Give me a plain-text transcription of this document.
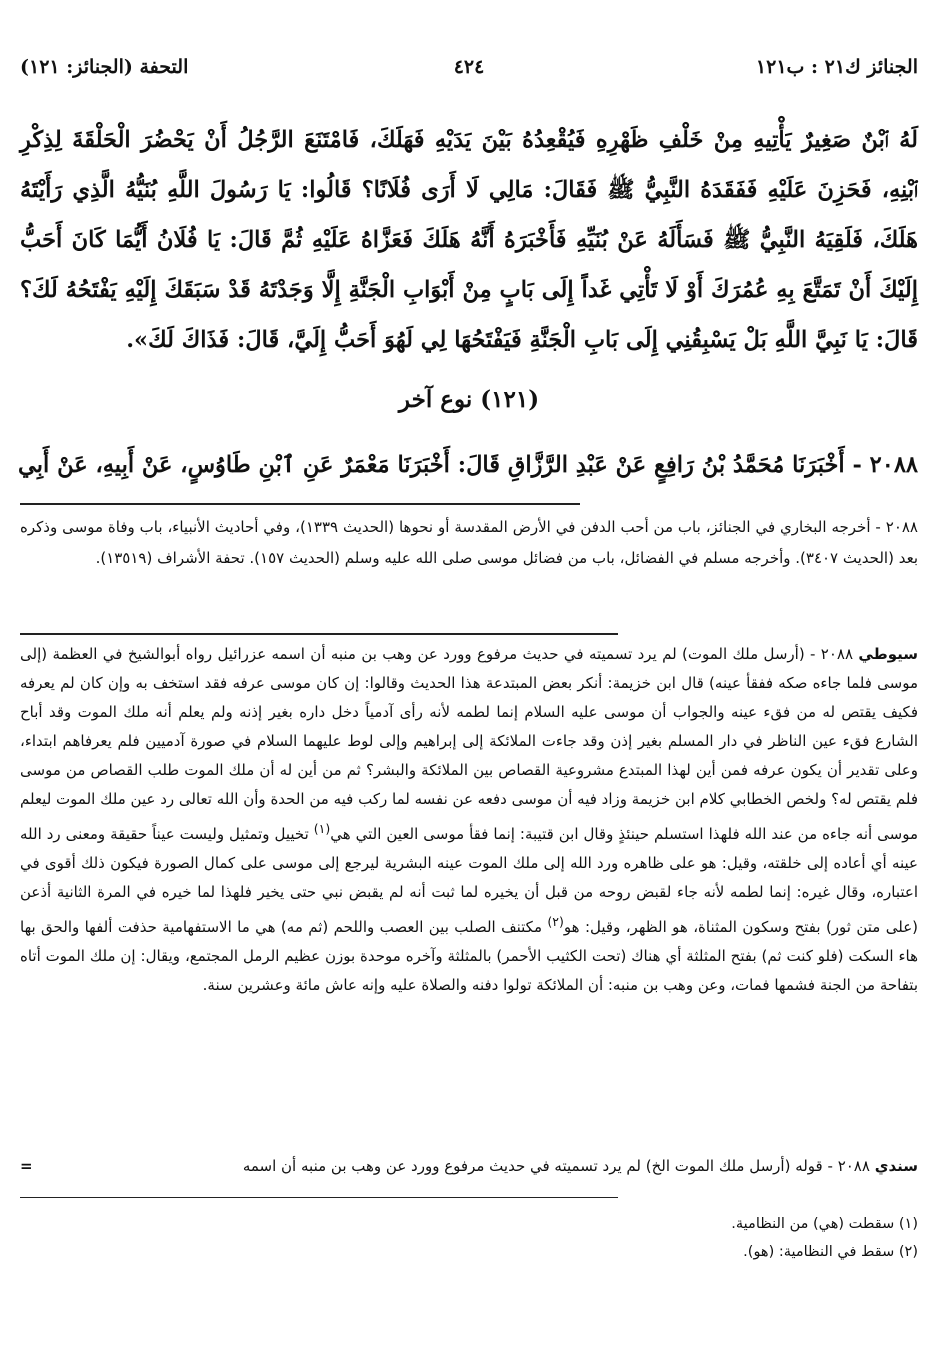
الجنائز ك٢١ : ب١٢١
٤٢٤
التحفة (الجنائز: ١٢١)
لَهُ ٱبْنٌ صَغِيرٌ يَأْتِيهِ مِنْ خَلْفِ ظَهْرِهِ فَيُقْعِدُهُ بَيْنَ يَدَيْهِ فَهَلَكَ، فَامْتَنَعَ الرَّجُلُ أَنْ يَحْضُرَ الْحَلْقَةَ لِذِكْرِ ٱبْنِهِ، فَحَزِنَ عَلَيْهِ فَفَقَدَهُ النَّبِيُّ ﷺ فَقَالَ: مَالِي لَا أَرَى فُلَانًا؟ قَالُوا: يَا رَسُولَ اللَّهِ بُنَيُّهُ الَّذِي رَأَيْتَهُ هَلَكَ، فَلَقِيَهُ النَّبِيُّ ﷺ فَسَأَلَهُ عَنْ بُنَيِّهِ فَأَخْبَرَهُ أَنَّهُ هَلَكَ فَعَزَّاهُ عَلَيْهِ ثُمَّ قَالَ: يَا فُلَانُ أَيُّمَا كَانَ أَحَبُّ إِلَيْكَ أَنْ تَمَتَّعَ بِهِ عُمُرَكَ أَوْ لَا تَأْتِي غَداً إِلَى بَابٍ مِنْ أَبْوَابِ الْجَنَّةِ إِلَّا وَجَدْتَهُ قَدْ سَبَقَكَ إِلَيْهِ يَفْتَحُهُ لَكَ؟ قَالَ: يَا نَبِيَّ اللَّهِ بَلْ يَسْبِقُنِي إِلَى بَابِ الْجَنَّةِ فَيَفْتَحُهَا لِي لَهُوَ أَحَبُّ إِلَيَّ، قَالَ: فَذَاكَ لَكَ».
(١٢١) نوع آخر
٢٠٨٨ - أَخْبَرَنَا مُحَمَّدُ بْنُ رَافِعٍ عَنْ عَبْدِ الرَّزَّاقِ قَالَ: أَخْبَرَنَا مَعْمَرٌ عَنِ ٱبْنِ طَاوُسٍ، عَنْ أَبِيهِ، عَنْ أَبِي
٢٠٨٨ - أخرجه البخاري في الجنائز، باب من أحب الدفن في الأرض المقدسة أو نحوها (الحديث ١٣٣٩)، وفي أحاديث الأنبياء، باب وفاة موسى وذكره بعد (الحديث ٣٤٠٧). وأخرجه مسلم في الفضائل، باب من فضائل موسى صلى الله عليه وسلم (الحديث ١٥٧). تحفة الأشراف (١٣٥١٩).

سيوطي ٢٠٨٨ - (أرسل ملك الموت) لم يرد تسميته في حديث مرفوع وورد عن وهب بن منبه أن اسمه عزرائيل رواه أبوالشيخ في العظمة (إلى موسى فلما جاءه صكه ففقأ عينه) قال ابن خزيمة: أنكر بعض المبتدعة هذا الحديث وقالوا: إن كان موسى عرفه فقد استخف به وإن كان لم يعرفه فكيف يقتص له من فقء عينه والجواب أن موسى عليه السلام إنما لطمه لأنه رأى آدمياً دخل داره بغير إذنه ولم يعلم أنه ملك الموت وقد أباح الشارع فقء عين الناظر في دار المسلم بغير إذن وقد جاءت الملائكة إلى إبراهيم وإلى لوط عليهما السلام في صورة آدميين فلم يعرفاهم ابتداء، وعلى تقدير أن يكون عرفه فمن أين لهذا المبتدع مشروعية القصاص بين الملائكة والبشر؟ ثم من أين له أن ملك الموت طلب القصاص من موسى فلم يقتص له؟ ولخص الخطابي كلام ابن خزيمة وزاد فيه أن موسى دفعه عن نفسه لما ركب فيه من الحدة وأن الله تعالى رد عين ملك الموت ليعلم موسى أنه جاءه من عند الله فلهذا استسلم حينئذٍ وقال ابن قتيبة: إنما فقأ موسى العين التي هي$^{(١)}$ تخييل وتمثيل وليست عيناً حقيقة ومعنى رد الله عينه أي أعاده إلى خلقته، وقيل: هو على ظاهره ورد الله إلى ملك الموت عينه البشرية ليرجع إلى موسى على كمال الصورة فيكون ذلك أقوى في اعتباره، وقال غيره: إنما لطمه لأنه جاء لقبض روحه من قبل أن يخيره لما ثبت أنه لم يقبض نبي حتى يخير فلهذا لما خيره في المرة الثانية أذعن (على متن ثور) بفتح وسكون المثناة، هو الظهر، وقيل: هو$^{(٢)}$ مكتنف الصلب بين العصب واللحم (ثم مه) هي ما الاستفهامية حذفت ألفها والحق بها هاء السكت (فلو كنت ثم) بفتح المثلثة أي هناك (تحت الكثيب الأحمر) بالمثلثة وآخره موحدة بوزن عظيم الرمل المجتمع، ويقال: إن ملك الموت أتاه بتفاحة من الجنة فشمها فمات، وعن وهب بن منبه: أن الملائكة تولوا دفنه والصلاة عليه وإنه عاش مائة وعشرين سنة.

سندي ٢٠٨٨ - قوله (أرسل ملك الموت الخ) لم يرد تسميته في حديث مرفوع وورد عن وهب بن منبه أن اسمه
=
(١) سقطت (هي) من النظامية.
(٢) سقط في النظامية: (هو).
